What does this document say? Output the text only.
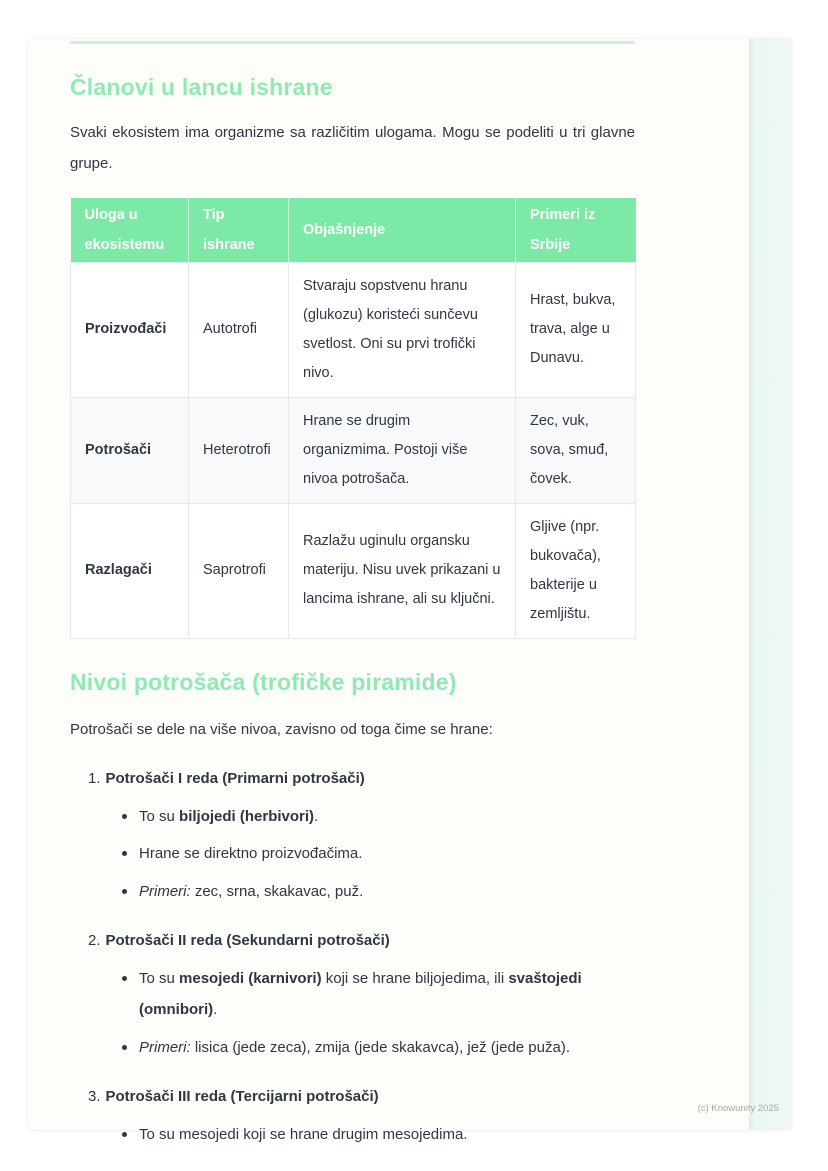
Članovi u lancu ishrane

Svaki ekosistem ima organizme sa različitim ulogama. Mogu se podeliti u tri glavne grupe.

Uloga u ekosistemu	Tip ishrane	Objašnjenje	Primeri iz Srbije
Proizvođači	Autotrofi	Stvaraju sopstvenu hranu (glukozu) koristeći sunčevu svetlost. Oni su prvi trofički nivo.	Hrast, bukva, trava, alge u Dunavu.
Potrošači	Heterotrofi	Hrane se drugim organizmima. Postoji više nivoa potrošača.	Zec, vuk, sova, smuđ, čovek.
Razlagači	Saprotrofi	Razlažu uginulu organsku materiju. Nisu uvek prikazani u lancima ishrane, ali su ključni.	Gljive (npr. bukovača), bakterije u zemljištu.
Nivoi potrošača (trofičke piramide)

Potrošači se dele na više nivoa, zavisno od toga čime se hrane:

1. Potrošači I reda (Primarni potrošači)
To su biljojedi (herbivori).
Hrane se direktno proizvođačima.
Primeri: zec, srna, skakavac, puž.
2. Potrošači II reda (Sekundarni potrošači)
To su mesojedi (karnivori) koji se hrane biljojedima, ili svaštojedi (omnibori).
Primeri: lisica (jede zeca), zmija (jede skakavca), jež (jede puža).
3. Potrošači III reda (Tercijarni potrošači)
To su mesojedi koji se hrane drugim mesojedima.
(c) Knowunity 2025
